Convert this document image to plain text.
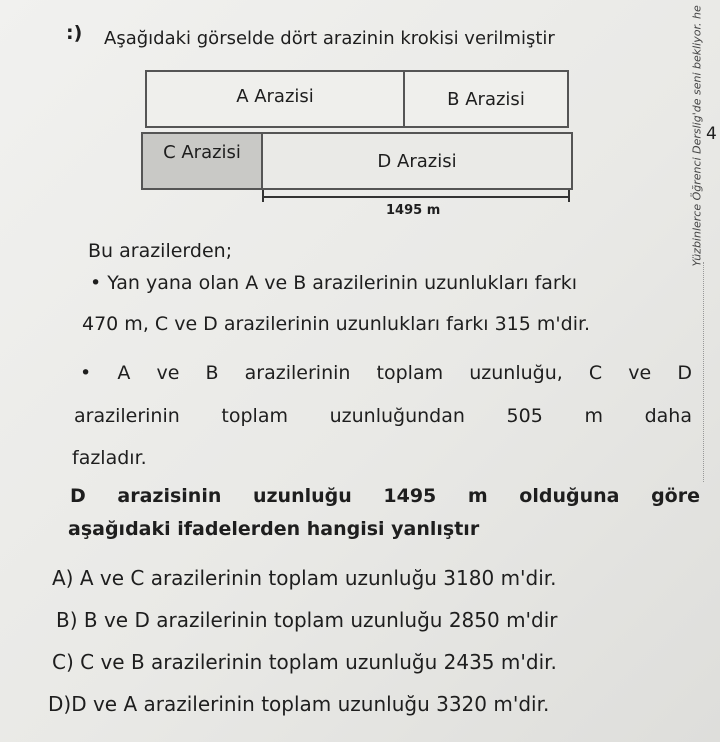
:) Aşağıdaki görselde dört arazinin krokisi verilmiştir
A Arazisi	B Arazisi
C Arazisi	D Arazisi
1495 m	Yüzbinlerce Öğrenci Derslig'de seni bekliyor. he 4
Bu arazilerden;
• Yan yana olan A ve B arazilerinin uzunlukları farkı
470 m, C ve D arazilerinin uzunlukları farkı 315 m'dir.
• A ve B arazilerinin toplam uzunluğu, C ve D
arazilerinin toplam uzunluğundan 505 m daha
fazladır.
D arazisinin uzunluğu 1495 m olduğuna göre
aşağıdaki ifadelerden hangisi yanlıştır
A) A ve C arazilerinin toplam uzunluğu 3180 m'dir.
B) B ve D arazilerinin toplam uzunluğu 2850 m'dir
C) C ve B arazilerinin toplam uzunluğu 2435 m'dir.
D)D ve A arazilerinin toplam uzunluğu 3320 m'dir.
